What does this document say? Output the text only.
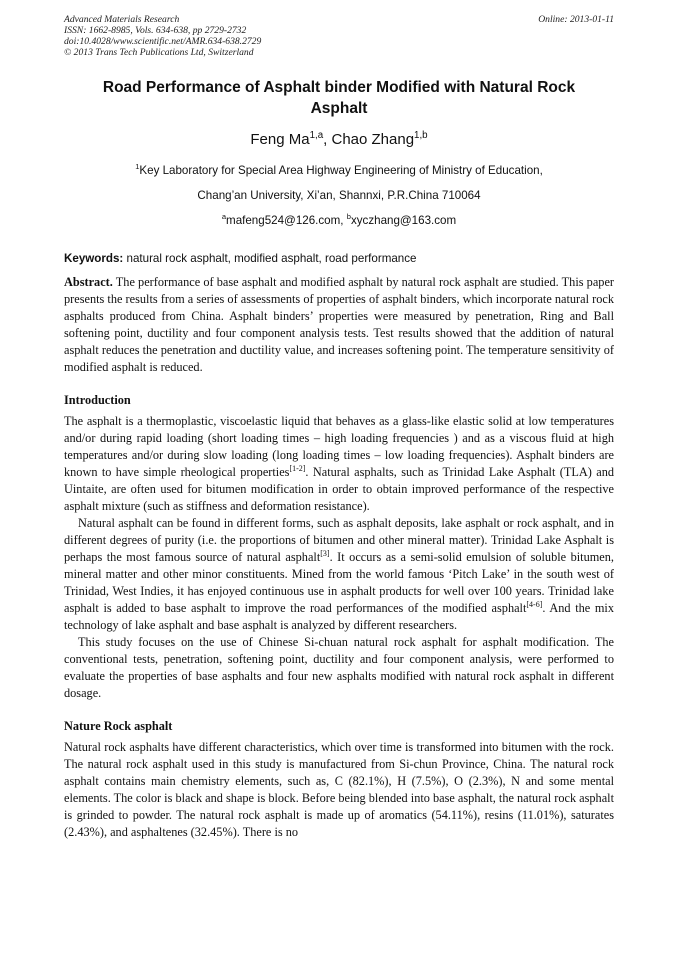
Advanced Materials Research
ISSN: 1662-8985, Vols. 634-638, pp 2729-2732
doi:10.4028/www.scientific.net/AMR.634-638.2729
© 2013 Trans Tech Publications Ltd, Switzerland
Online: 2013-01-11
Road Performance of Asphalt binder Modified with Natural Rock Asphalt
Feng Ma$^{1,a}$, Chao Zhang$^{1,b}$
$^1$Key Laboratory for Special Area Highway Engineering of Ministry of Education,
Chang’an University, Xi’an, Shannxi, P.R.China 710064
$^a$mafeng524@126.com, $^b$xyczhang@163.com
Keywords: natural rock asphalt, modified asphalt, road performance
Abstract. The performance of base asphalt and modified asphalt by natural rock asphalt are studied. This paper presents the results from a series of assessments of properties of asphalt binders, which incorporate natural rock asphalts produced from China. Asphalt binders’ properties were measured by penetration, Ring and Ball softening point, ductility and four component analysis tests. Test results showed that the addition of natural asphalt reduces the penetration and ductility value, and increases softening point. The temperature sensitivity of modified asphalt is reduced.
Introduction
The asphalt is a thermoplastic, viscoelastic liquid that behaves as a glass-like elastic solid at low temperatures and/or during rapid loading (short loading times – high loading frequencies ) and as a viscous fluid at high temperatures and/or during slow loading (long loading times – low loading frequencies). Asphalt binders are known to have simple rheological properties[1-2]. Natural asphalts, such as Trinidad Lake Asphalt (TLA) and Uintaite, are often used for bitumen modification in order to obtain improved performance of the respective asphalt mixture (such as stiffness and deformation resistance).
Natural asphalt can be found in different forms, such as asphalt deposits, lake asphalt or rock asphalt, and in different degrees of purity (i.e. the proportions of bitumen and other mineral matter). Trinidad Lake Asphalt is perhaps the most famous source of natural asphalt[3]. It occurs as a semi-solid emulsion of soluble bitumen, mineral matter and other minor constituents. Mined from the world famous ‘Pitch Lake’ in the south west of Trinidad, West Indies, it has enjoyed continuous use in asphalt products for well over 100 years. Trinidad lake asphalt is added to base asphalt to improve the road performances of the modified asphalt[4-6]. And the mix technology of lake asphalt and base asphalt is analyzed by different researchers.
This study focuses on the use of Chinese Si-chuan natural rock asphalt for asphalt modification. The conventional tests, penetration, softening point, ductility and four component analysis, were performed to evaluate the properties of base asphalts and four new asphalts modified with natural rock asphalt in different dosage.
Nature Rock asphalt
Natural rock asphalts have different characteristics, which over time is transformed into bitumen with the rock. The natural rock asphalt used in this study is manufactured from Si-chun Province, China. The natural rock asphalt contains main chemistry elements, such as, C (82.1%), H (7.5%), O (2.3%), N and some mental elements. The color is black and shape is block. Before being blended into base asphalt, the natural rock asphalt is grinded to powder. The natural rock asphalt is made up of aromatics (54.11%), resins (11.01%), saturates (2.43%), and asphaltenes (32.45%). There is no
